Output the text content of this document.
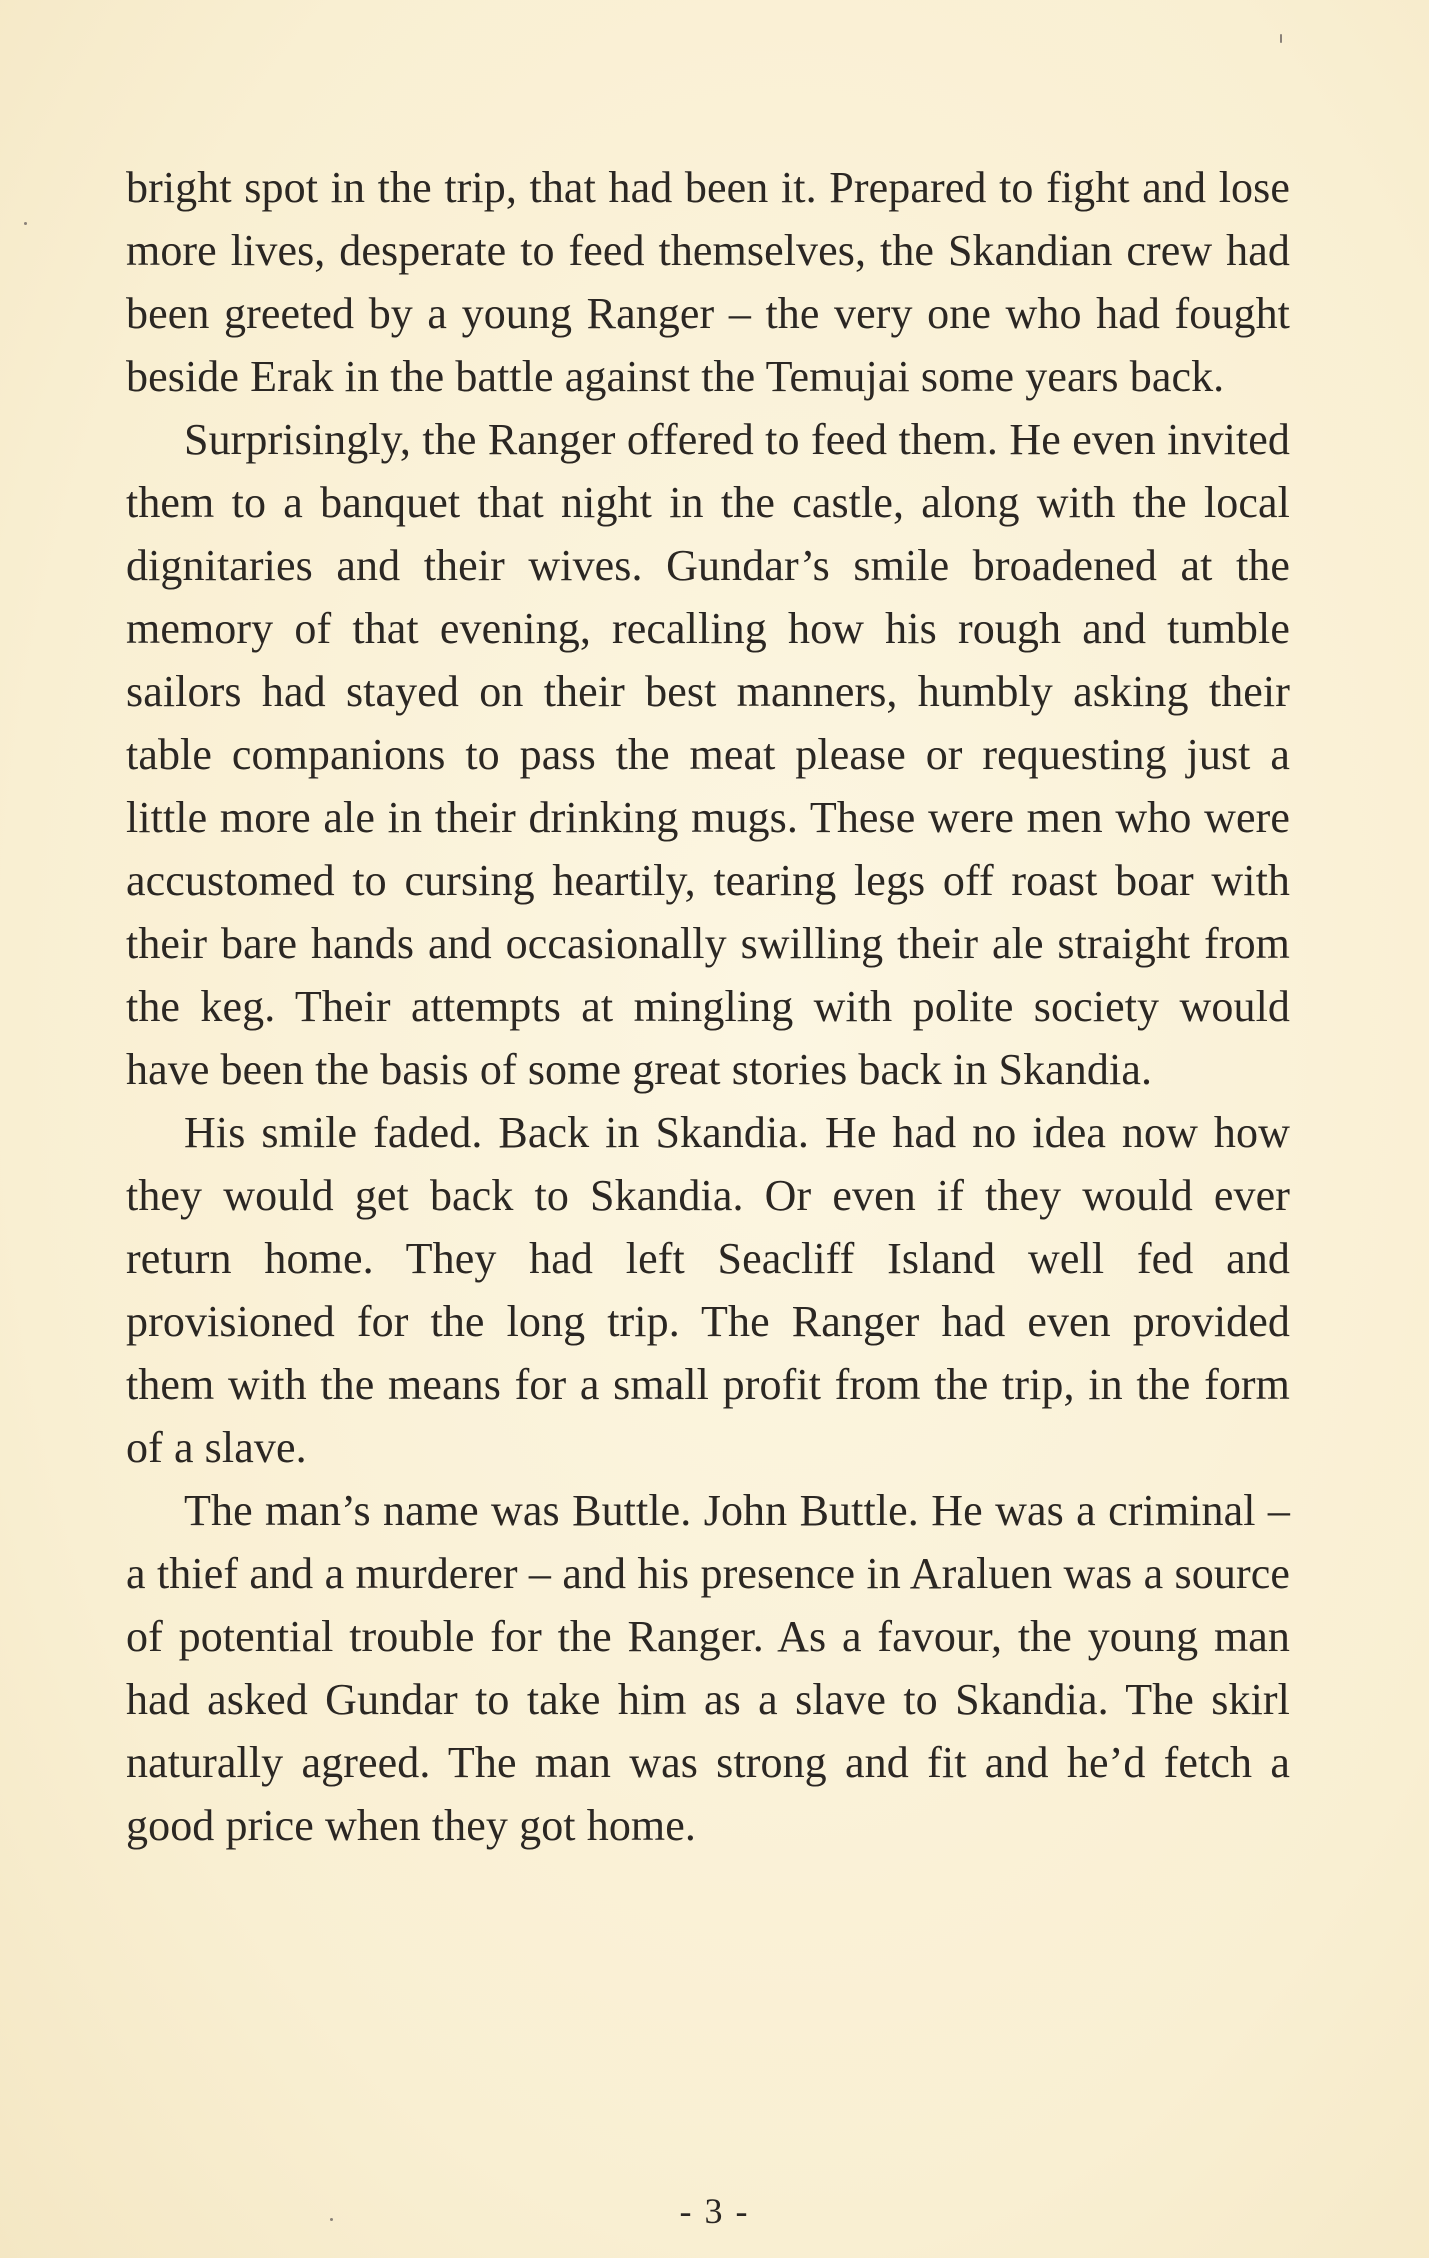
bright spot in the trip, that had been it. Prepared to fight and lose more lives, desperate to feed themselves, the Skandian crew had been greeted by a young Ranger – the very one who had fought beside Erak in the battle against the Temujai some years back.

Surprisingly, the Ranger offered to feed them. He even invited them to a banquet that night in the castle, along with the local dignitaries and their wives. Gundar’s smile broadened at the memory of that evening, recalling how his rough and tumble sailors had stayed on their best manners, humbly asking their table companions to pass the meat please or requesting just a little more ale in their drinking mugs. These were men who were accustomed to cursing heartily, tearing legs off roast boar with their bare hands and occasionally swilling their ale straight from the keg. Their attempts at mingling with polite society would have been the basis of some great stories back in Skandia.

His smile faded. Back in Skandia. He had no idea now how they would get back to Skandia. Or even if they would ever return home. They had left Seacliff Island well fed and provisioned for the long trip. The Ranger had even provided them with the means for a small profit from the trip, in the form of a slave.

The man’s name was Buttle. John Buttle. He was a criminal – a thief and a murderer – and his presence in Araluen was a source of potential trouble for the Ranger. As a favour, the young man had asked Gundar to take him as a slave to Skandia. The skirl naturally agreed. The man was strong and fit and he’d fetch a good price when they got home.

- 3 -
